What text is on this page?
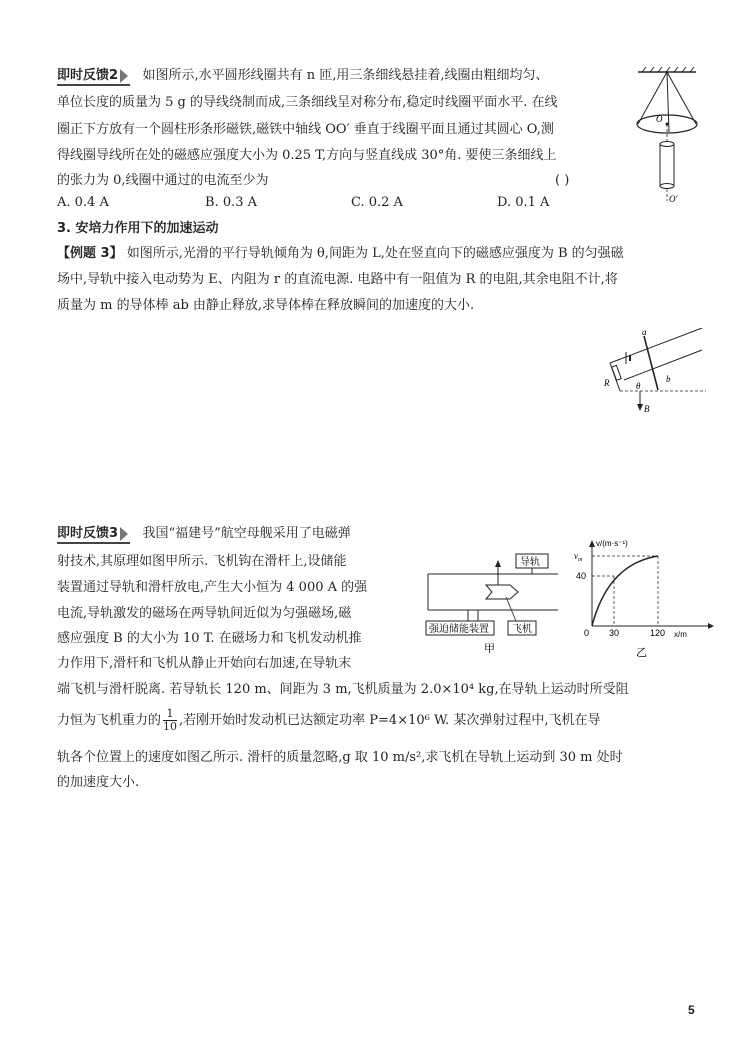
即时反馈2 如图所示,水平圆形线圈共有 n 匝,用三条细线悬挂着,线圈由粗细均匀、
单位长度的质量为 5 g 的导线绕制而成,三条细线呈对称分布,稳定时线圈平面水平. 在线
圈正下方放有一个圆柱形条形磁铁,磁铁中轴线 OO′ 垂直于线圈平面且通过其圆心 O,测
得线圈导线所在处的磁感应强度大小为 0.25 T,方向与竖直线成 30°角. 要使三条细线上
的张力为 0,线圈中通过的电流至少为	( )
A. 0.4 A	B. 0.3 A	C. 0.2 A	D. 0.1 A
O
O′
3. 安培力作用下的加速运动
【例题 3】 如图所示,光滑的平行导轨倾角为 θ,间距为 L,处在竖直向下的磁感应强度为 B 的匀强磁
场中,导轨中接入电动势为 E、内阻为 r 的直流电源. 电路中有一阻值为 R 的电阻,其余电阻不计,将
质量为 m 的导体棒 ab 由静止释放,求导体棒在释放瞬间的加速度的大小.
a
b
R	θ
B
即时反馈3 我国“福建号”航空母舰采用了电磁弹
射技术,其原理如图甲所示. 飞机钩在滑杆上,设储能
装置通过导轨和滑杆放电,产生大小恒为 4 000 A 的强
电流,导轨激发的磁场在两导轨间近似为匀强磁场,磁
感应强度 B 的大小为 10 T. 在磁场力和飞机发动机推
力作用下,滑杆和飞机从静止开始向右加速,在导轨末
端飞机与滑杆脱离. 若导轨长 120 m、间距为 3 m,飞机质量为 2.0×10⁴ kg,在导轨上运动时所受阻
力恒为飞机重力的 $\frac{1}{10}$ ,若刚开始时发动机已达额定功率 P=4×10⁶ W. 某次弹射过程中,飞机在导
轨各个位置上的速度如图乙所示. 滑杆的质量忽略,g 取 10 m/s²,求飞机在导轨上运动到 30 m 处时
的加速度大小.
导轨
强迫储能装置 飞机
甲
v/(m·s⁻¹)
x/m
$v_m$
40
0 30	120
乙
5
